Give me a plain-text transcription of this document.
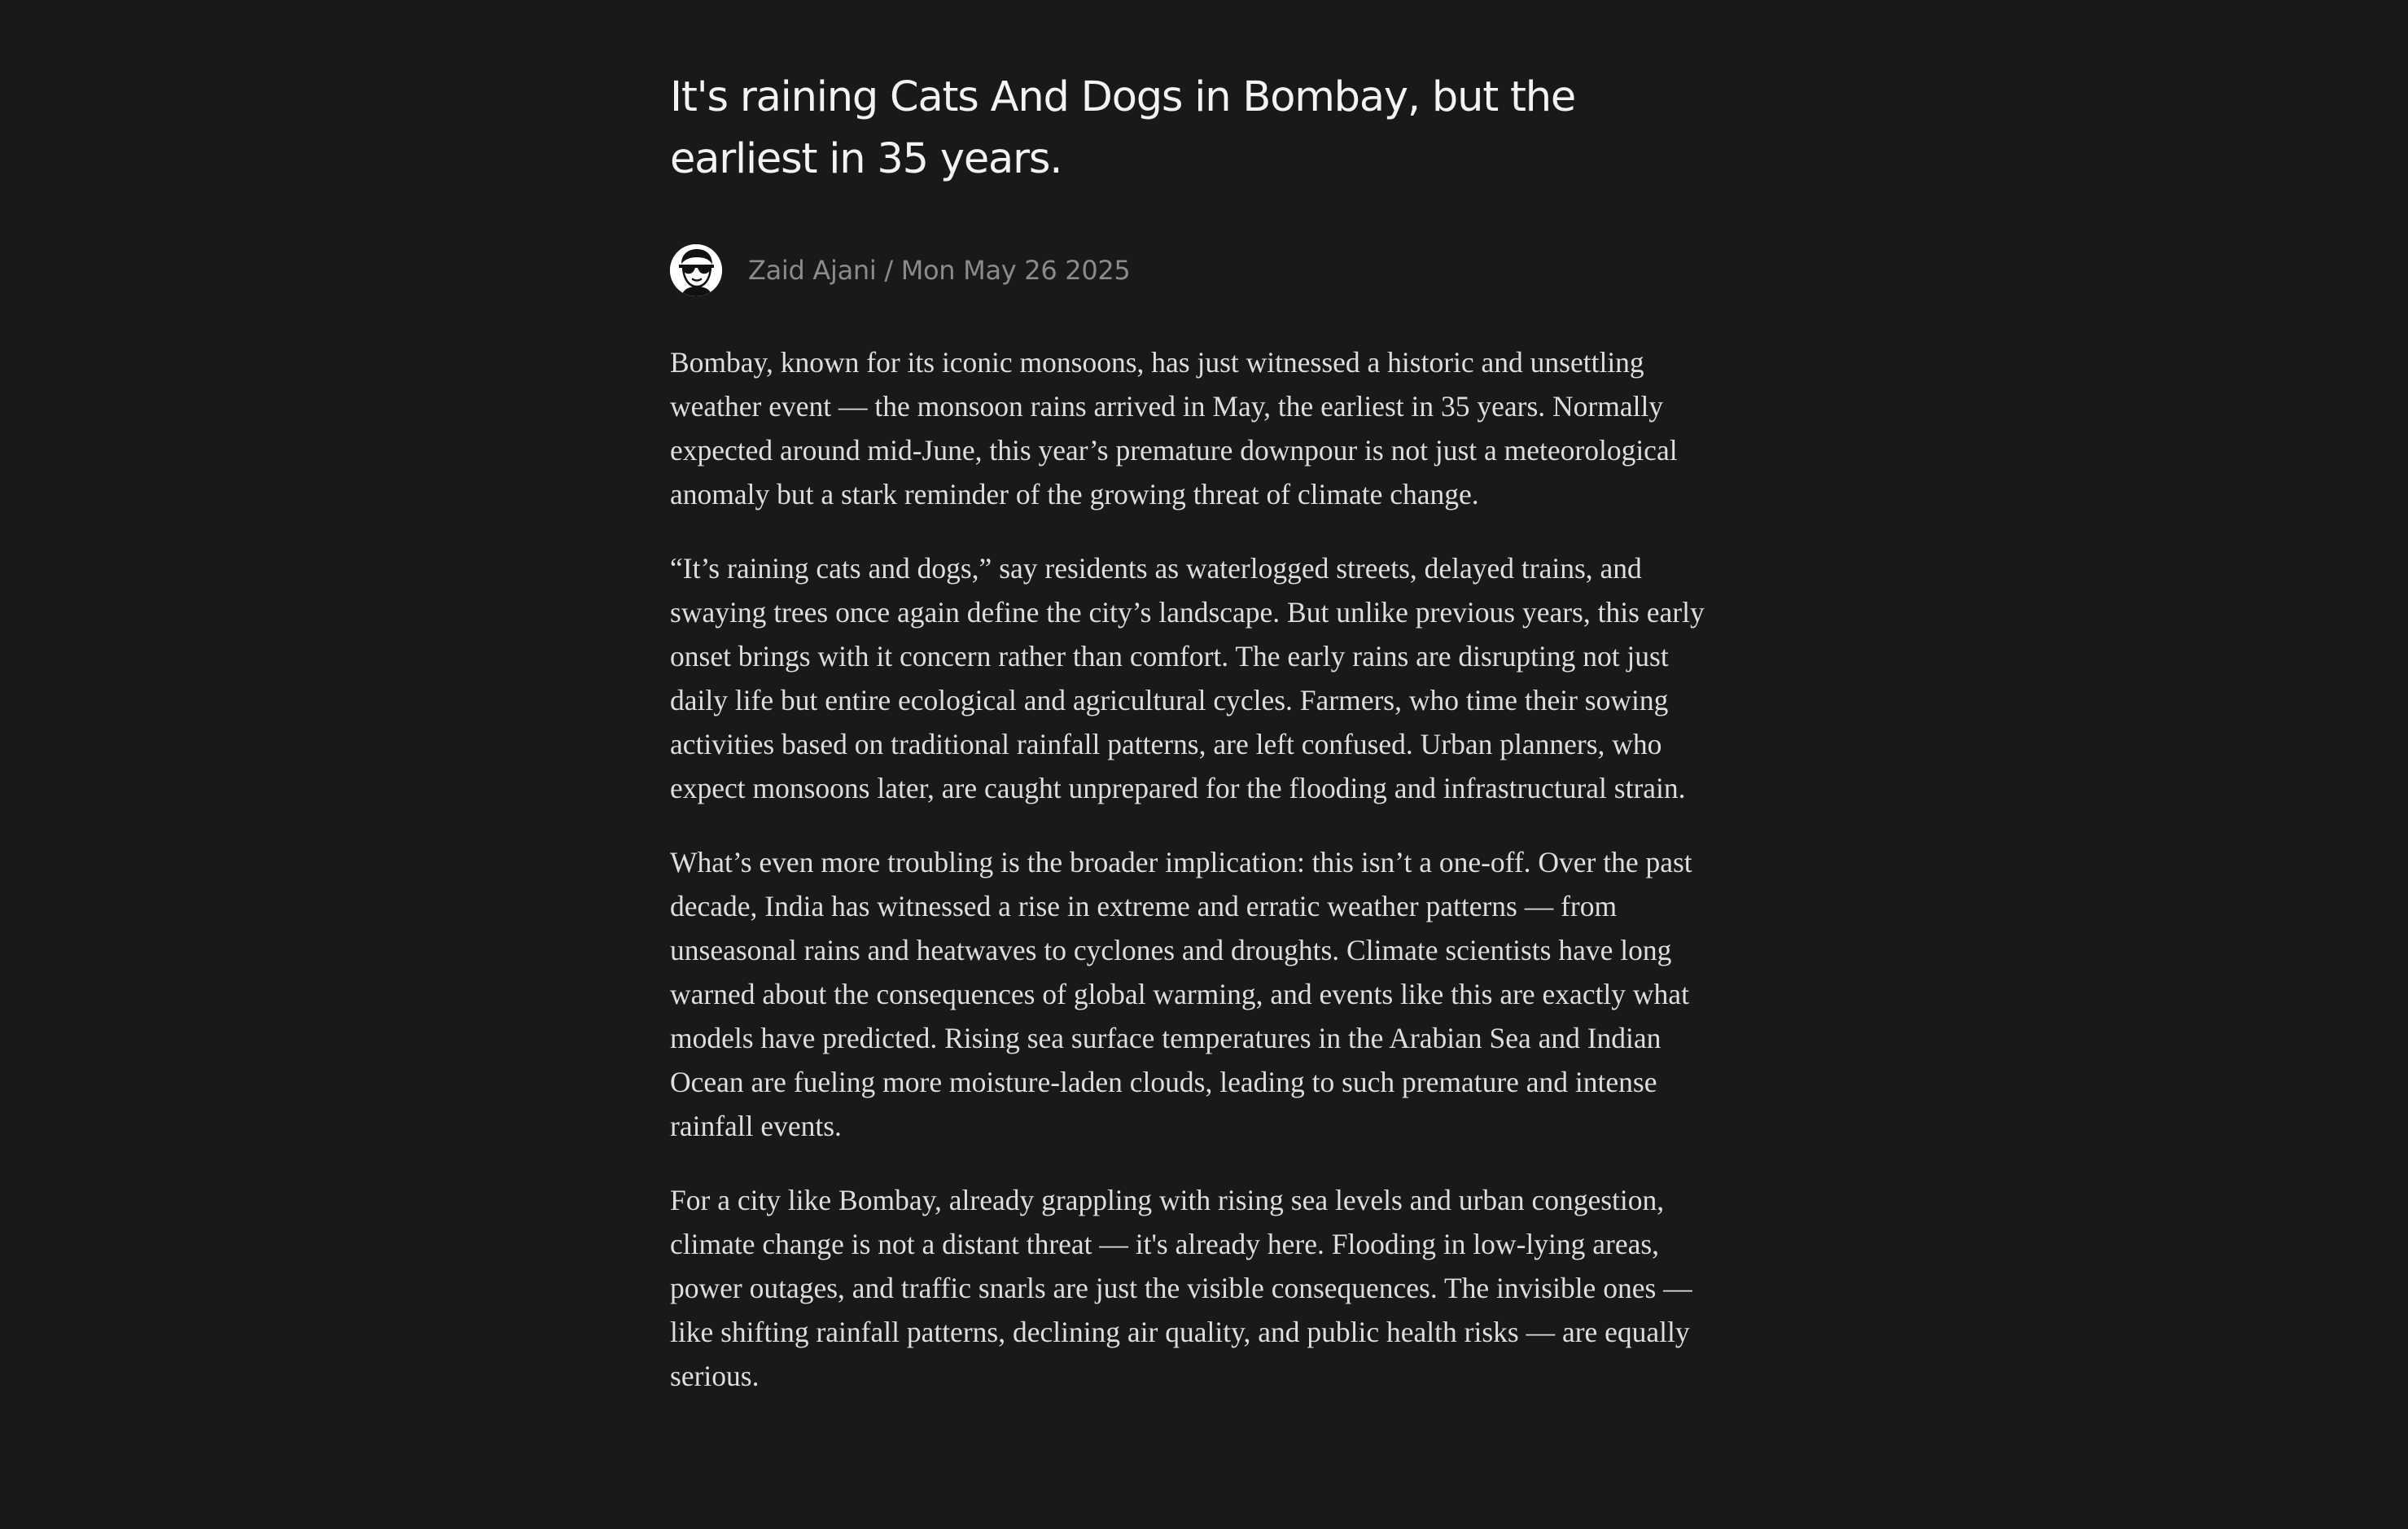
It's raining Cats And Dogs in Bombay, but the earliest in 35 years.
Zaid Ajani / Mon May 26 2025

Bombay, known for its iconic monsoons, has just witnessed a historic and unsettling weather event — the monsoon rains arrived in May, the earliest in 35 years. Normally expected around mid-June, this year’s premature downpour is not just a meteorological anomaly but a stark reminder of the growing threat of climate change.

“It’s raining cats and dogs,” say residents as waterlogged streets, delayed trains, and swaying trees once again define the city’s landscape. But unlike previous years, this early onset brings with it concern rather than comfort. The early rains are disrupting not just daily life but entire ecological and agricultural cycles. Farmers, who time their sowing activities based on traditional rainfall patterns, are left confused. Urban planners, who expect monsoons later, are caught unprepared for the flooding and infrastructural strain.

What’s even more troubling is the broader implication: this isn’t a one-off. Over the past decade, India has witnessed a rise in extreme and erratic weather patterns — from unseasonal rains and heatwaves to cyclones and droughts. Climate scientists have long warned about the consequences of global warming, and events like this are exactly what models have predicted. Rising sea surface temperatures in the Arabian Sea and Indian Ocean are fueling more moisture-laden clouds, leading to such premature and intense rainfall events.

For a city like Bombay, already grappling with rising sea levels and urban congestion, climate change is not a distant threat — it's already here. Flooding in low-lying areas, power outages, and traffic snarls are just the visible consequences. The invisible ones — like shifting rainfall patterns, declining air quality, and public health risks — are equally serious.
